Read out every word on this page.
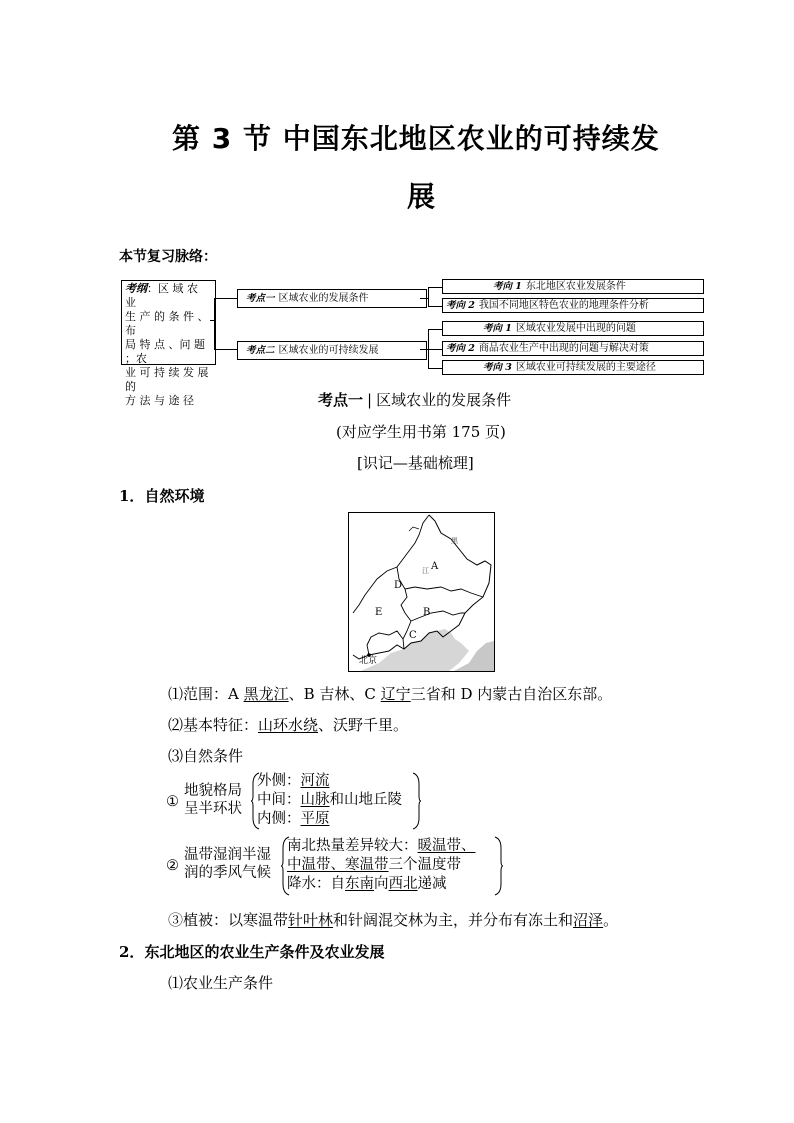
第 3 节 中国东北地区农业的可持续发
展
本节复习脉络：
考纲：区 域 农 业
生 产 的 条 件 、布
局 特 点 、问 题 ；农
业 可 持 续 发 展 的
方 法 与 途 径
考点一 区域农业的发展条件
考点二 区域农业的可持续发展
考向 1 东北地区农业发展条件
考向 2 我国不同地区特色农业的地理条件分析
考向 1 区域农业发展中出现的问题
考向 2 商品农业生产中出现的问题与解决对策
考向 3 区域农业可持续发展的主要途径
考点一 | 区域农业的发展条件
(对应学生用书第 175 页)
[识记—基础梳理]
1．自然环境
D
A
E	B
C
北京
江
黑
⑴范围：A 黑龙江、B 吉林、C 辽宁三省和 D 内蒙古自治区东部。
⑵基本特征：山环水绕、沃野千里。
⑶自然条件
①
地貌格局
呈半环状
外侧：河流
中间：山脉和山地丘陵
内侧：平原
②
温带湿润半湿
润的季风气候
南北热量差异较大：暖温带、
中温带、寒温带三个温度带
降水：自东南向西北递减
③植被：以寒温带针叶林和针阔混交林为主，并分布有冻土和沼泽。
2．东北地区的农业生产条件及农业发展
⑴农业生产条件
